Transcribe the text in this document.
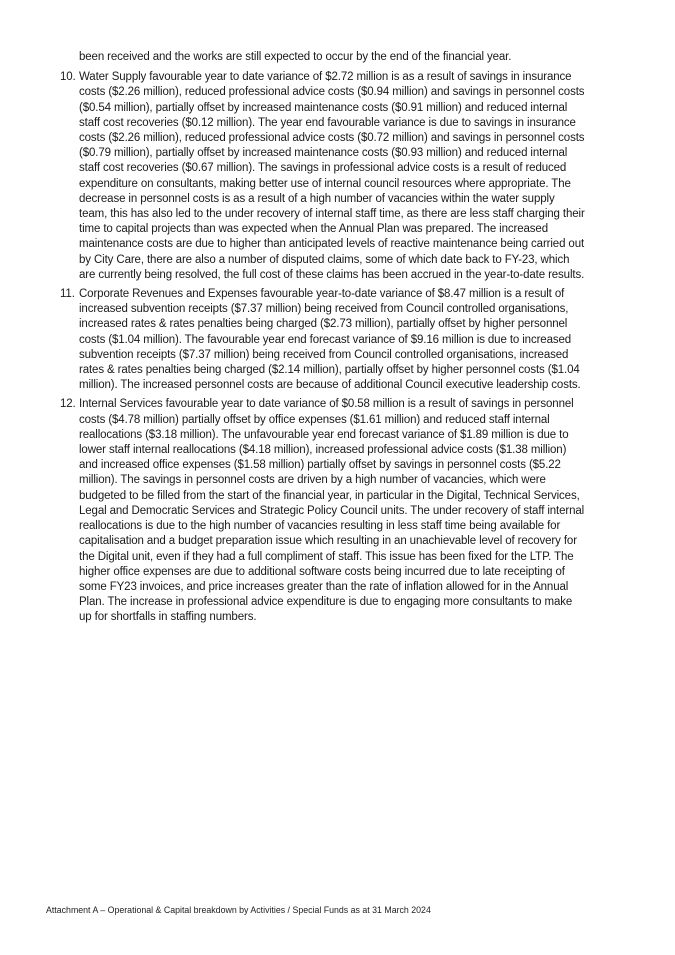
been received and the works are still expected to occur by the end of the financial year.

10. Water Supply favourable year to date variance of $2.72 million is as a result of savings in insurance costs ($2.26 million), reduced professional advice costs ($0.94 million) and savings in personnel costs ($0.54 million), partially offset by increased maintenance costs ($0.91 million) and reduced internal staff cost recoveries ($0.12 million). The year end favourable variance is due to savings in insurance costs ($2.26 million), reduced professional advice costs ($0.72 million) and savings in personnel costs ($0.79 million), partially offset by increased maintenance costs ($0.93 million) and reduced internal staff cost recoveries ($0.67 million). The savings in professional advice costs is a result of reduced expenditure on consultants, making better use of internal council resources where appropriate. The decrease in personnel costs is as a result of a high number of vacancies within the water supply team, this has also led to the under recovery of internal staff time, as there are less staff charging their time to capital projects than was expected when the Annual Plan was prepared. The increased maintenance costs are due to higher than anticipated levels of reactive maintenance being carried out by City Care, there are also a number of disputed claims, some of which date back to FY-23, which are currently being resolved, the full cost of these claims has been accrued in the year-to-date results.

11. Corporate Revenues and Expenses favourable year-to-date variance of $8.47 million is a result of increased subvention receipts ($7.37 million) being received from Council controlled organisations, increased rates & rates penalties being charged ($2.73 million), partially offset by higher personnel costs ($1.04 million). The favourable year end forecast variance of $9.16 million is due to increased subvention receipts ($7.37 million) being received from Council controlled organisations, increased rates & rates penalties being charged ($2.14 million), partially offset by higher personnel costs ($1.04 million). The increased personnel costs are because of additional Council executive leadership costs.

12. Internal Services favourable year to date variance of $0.58 million is a result of savings in personnel costs ($4.78 million) partially offset by office expenses ($1.61 million) and reduced staff internal reallocations ($3.18 million). The unfavourable year end forecast variance of $1.89 million is due to lower staff internal reallocations ($4.18 million), increased professional advice costs ($1.38 million) and increased office expenses ($1.58 million) partially offset by savings in personnel costs ($5.22 million). The savings in personnel costs are driven by a high number of vacancies, which were budgeted to be filled from the start of the financial year, in particular in the Digital, Technical Services, Legal and Democratic Services and Strategic Policy Council units. The under recovery of staff internal reallocations is due to the high number of vacancies resulting in less staff time being available for capitalisation and a budget preparation issue which resulting in an unachievable level of recovery for the Digital unit, even if they had a full compliment of staff. This issue has been fixed for the LTP. The higher office expenses are due to additional software costs being incurred due to late receipting of some FY23 invoices, and price increases greater than the rate of inflation allowed for in the Annual Plan. The increase in professional advice expenditure is due to engaging more consultants to make up for shortfalls in staffing numbers.

Attachment A – Operational & Capital breakdown by Activities / Special Funds as at 31 March 2024
